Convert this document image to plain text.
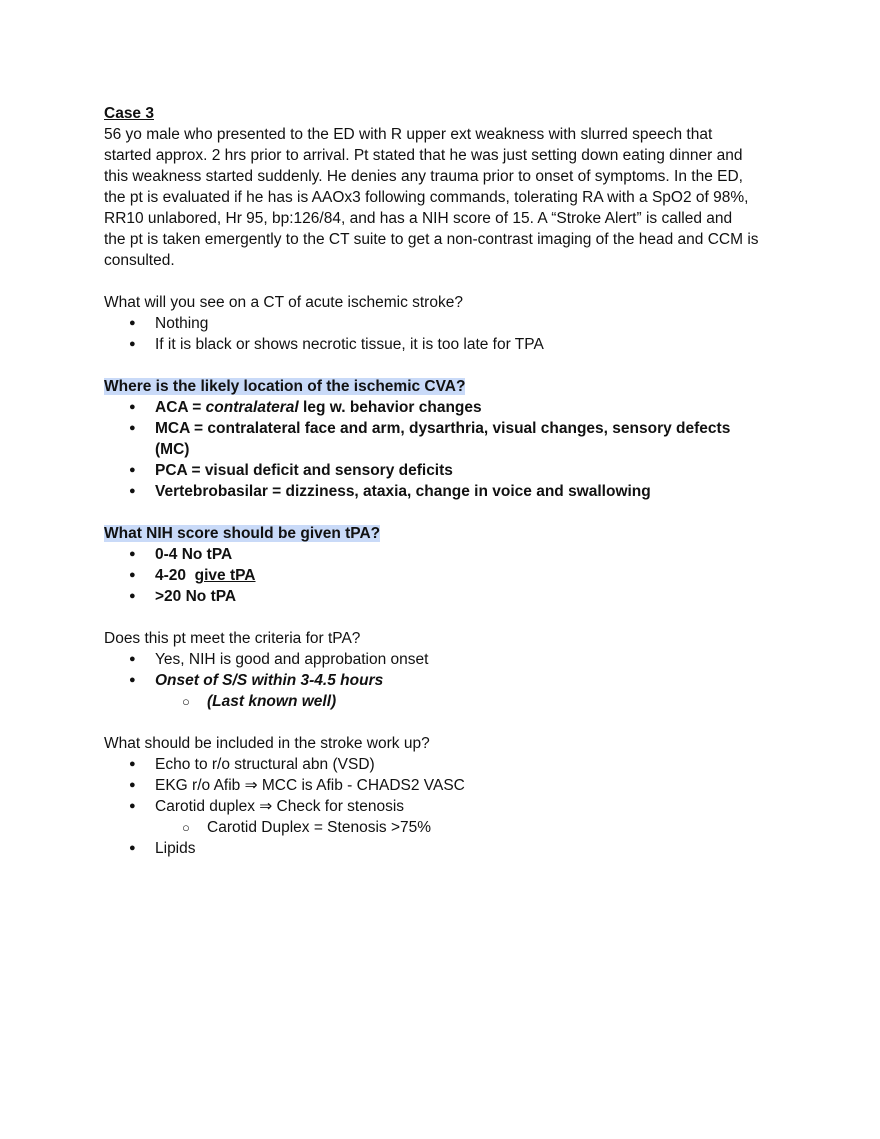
Case 3

56 yo male who presented to the ED with R upper ext weakness with slurred speech that

started approx. 2 hrs prior to arrival. Pt stated that he was just setting down eating dinner and

this weakness started suddenly. He denies any trauma prior to onset of symptoms. In the ED,

the pt is evaluated if he has is AAOx3 following commands, tolerating RA with a SpO2 of 98%,

RR10 unlabored, Hr 95, bp:126/84, and has a NIH score of 15. A “Stroke Alert” is called and

the pt is taken emergently to the CT suite to get a non-contrast imaging of the head and CCM is

consulted.

What will you see on a CT of acute ischemic stroke?

● Nothing
● If it is black or shows necrotic tissue, it is too late for TPA

Where is the likely location of the ischemic CVA?

● ACA = contralateral leg w. behavior changes
● MCA = contralateral face and arm, dysarthria, visual changes, sensory defects
(MC)
● PCA = visual deficit and sensory deficits
● Vertebrobasilar = dizziness, ataxia, change in voice and swallowing

What NIH score should be given tPA?

● 0-4 No tPA
● 4-20  give tPA
● >20 No tPA

Does this pt meet the criteria for tPA?

● Yes, NIH is good and approbation onset
● Onset of S/S within 3-4.5 hours
○ (Last known well)

What should be included in the stroke work up?

● Echo to r/o structural abn (VSD)
● EKG r/o Afib ⇒ MCC is Afib - CHADS2 VASC
● Carotid duplex ⇒ Check for stenosis
○ Carotid Duplex = Stenosis >75%
● Lipids
